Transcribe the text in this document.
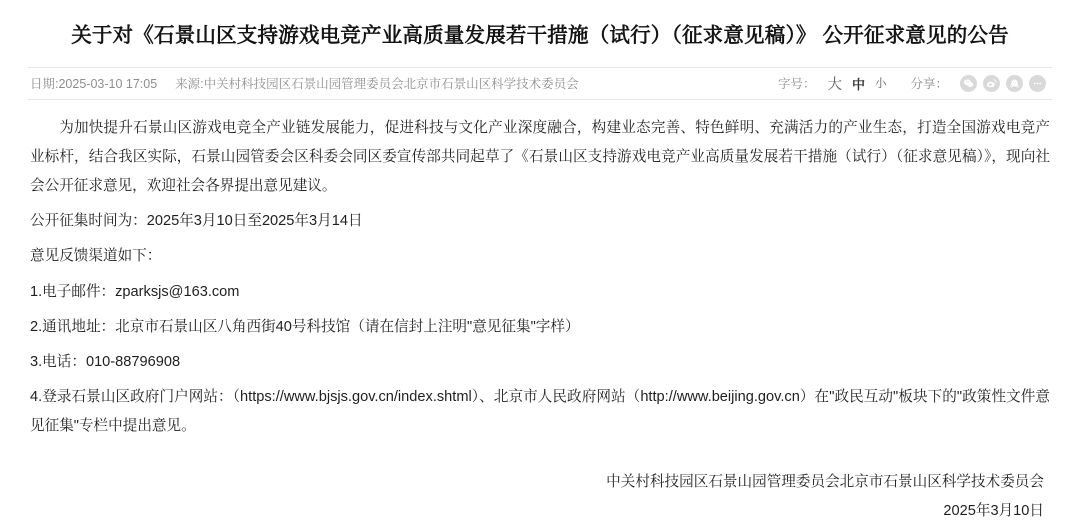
关于对《石景山区支持游戏电竞产业高质量发展若干措施（试行）（征求意见稿）》 公开征求意见的公告
日期:2025-03-10 17:05 来源:中关村科技园区石景山园管理委员会北京市石景山区科学技术委员会	字号： 大 中 小 分享：

为加快提升石景山区游戏电竞全产业链发展能力，促进科技与文化产业深度融合，构建业态完善、特色鲜明、充满活力的产业生态，打造全国游戏电竞产业标杆，结合我区实际，石景山园管委会区科委会同区委宣传部共同起草了《石景山区支持游戏电竞产业高质量发展若干措施（试行）（征求意见稿）》，现向社会公开征求意见，欢迎社会各界提出意见建议。

公开征集时间为：2025年3月10日至2025年3月14日

意见反馈渠道如下：

1.电子邮件：zparksjs@163.com

2.通讯地址：北京市石景山区八角西街40号科技馆（请在信封上注明"意见征集"字样）

3.电话：010-88796908

4.登录石景山区政府门户网站：（https://www.bjsjs.gov.cn/index.shtml）、北京市人民政府网站（http://www.beijing.gov.cn）在"政民互动"板块下的"政策性文件意见征集"专栏中提出意见。

中关村科技园区石景山园管理委员会北京市石景山区科学技术委员会
2025年3月10日
